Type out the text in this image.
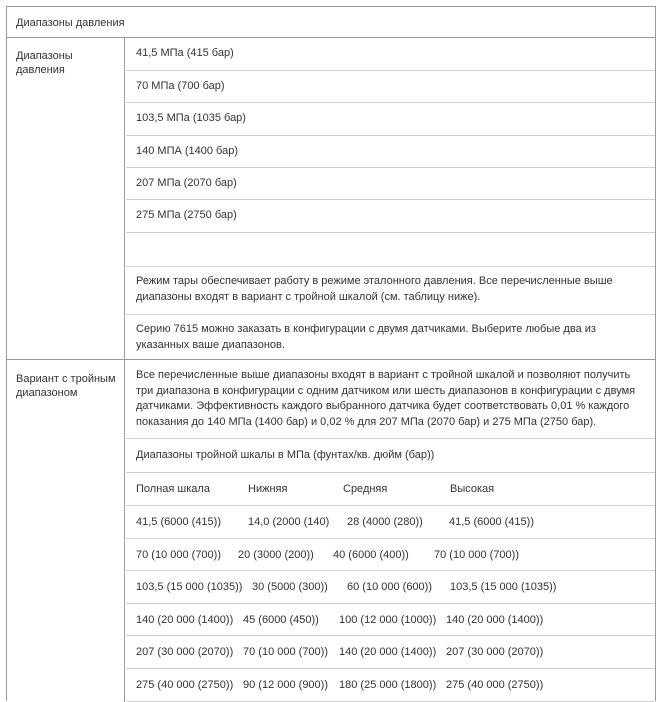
Диапазоны давления
Диапазоны давления
41,5 МПа (415 бар)
70 МПа (700 бар)
103,5 МПа (1035 бар)
140 МПА (1400 бар)
207 МПа (2070 бар)
275 МПа (2750 бар)
Режим тары обеспечивает работу в режиме эталонного давления. Все перечисленные выше диапазоны входят в вариант с тройной шкалой (см. таблицу ниже).
Серию 7615 можно заказать в конфигурации с двумя датчиками. Выберите любые два из указанных ваше диапазонов.
Вариант с тройным диапазоном
Все перечисленные выше диапазоны входят в вариант с тройной шкалой и позволяют получить три диапазона в конфигурации с одним датчиком или шесть диапазонов в конфигурации с двумя датчиками. Эффективность каждого выбранного датчика будет соответствовать 0,01 % каждого показания до 140 МПа (1400 бар) и 0,02 % для 207 МПа (2070 бар) и 275 МПа (2750 бар).
Диапазоны тройной шкалы в МПа (фунтах/кв. дюйм (бар))
Полная шкала	Нижняя	Средняя	Высокая
41,5 (6000 (415)) 14,0 (2000 (140) 28 (4000 (280)) 41,5 (6000 (415))
70 (10 000 (700)) 20 (3000 (200)) 40 (6000 (400)) 70 (10 000 (700))
103,5 (15 000 (1035)) 30 (5000 (300)) 60 (10 000 (600)) 103,5 (15 000 (1035))
140 (20 000 (1400)) 45 (6000 (450)) 100 (12 000 (1000)) 140 (20 000 (1400))
207 (30 000 (2070)) 70 (10 000 (700)) 140 (20 000 (1400)) 207 (30 000 (2070))
275 (40 000 (2750)) 90 (12 000 (900)) 180 (25 000 (1800)) 275 (40 000 (2750))
